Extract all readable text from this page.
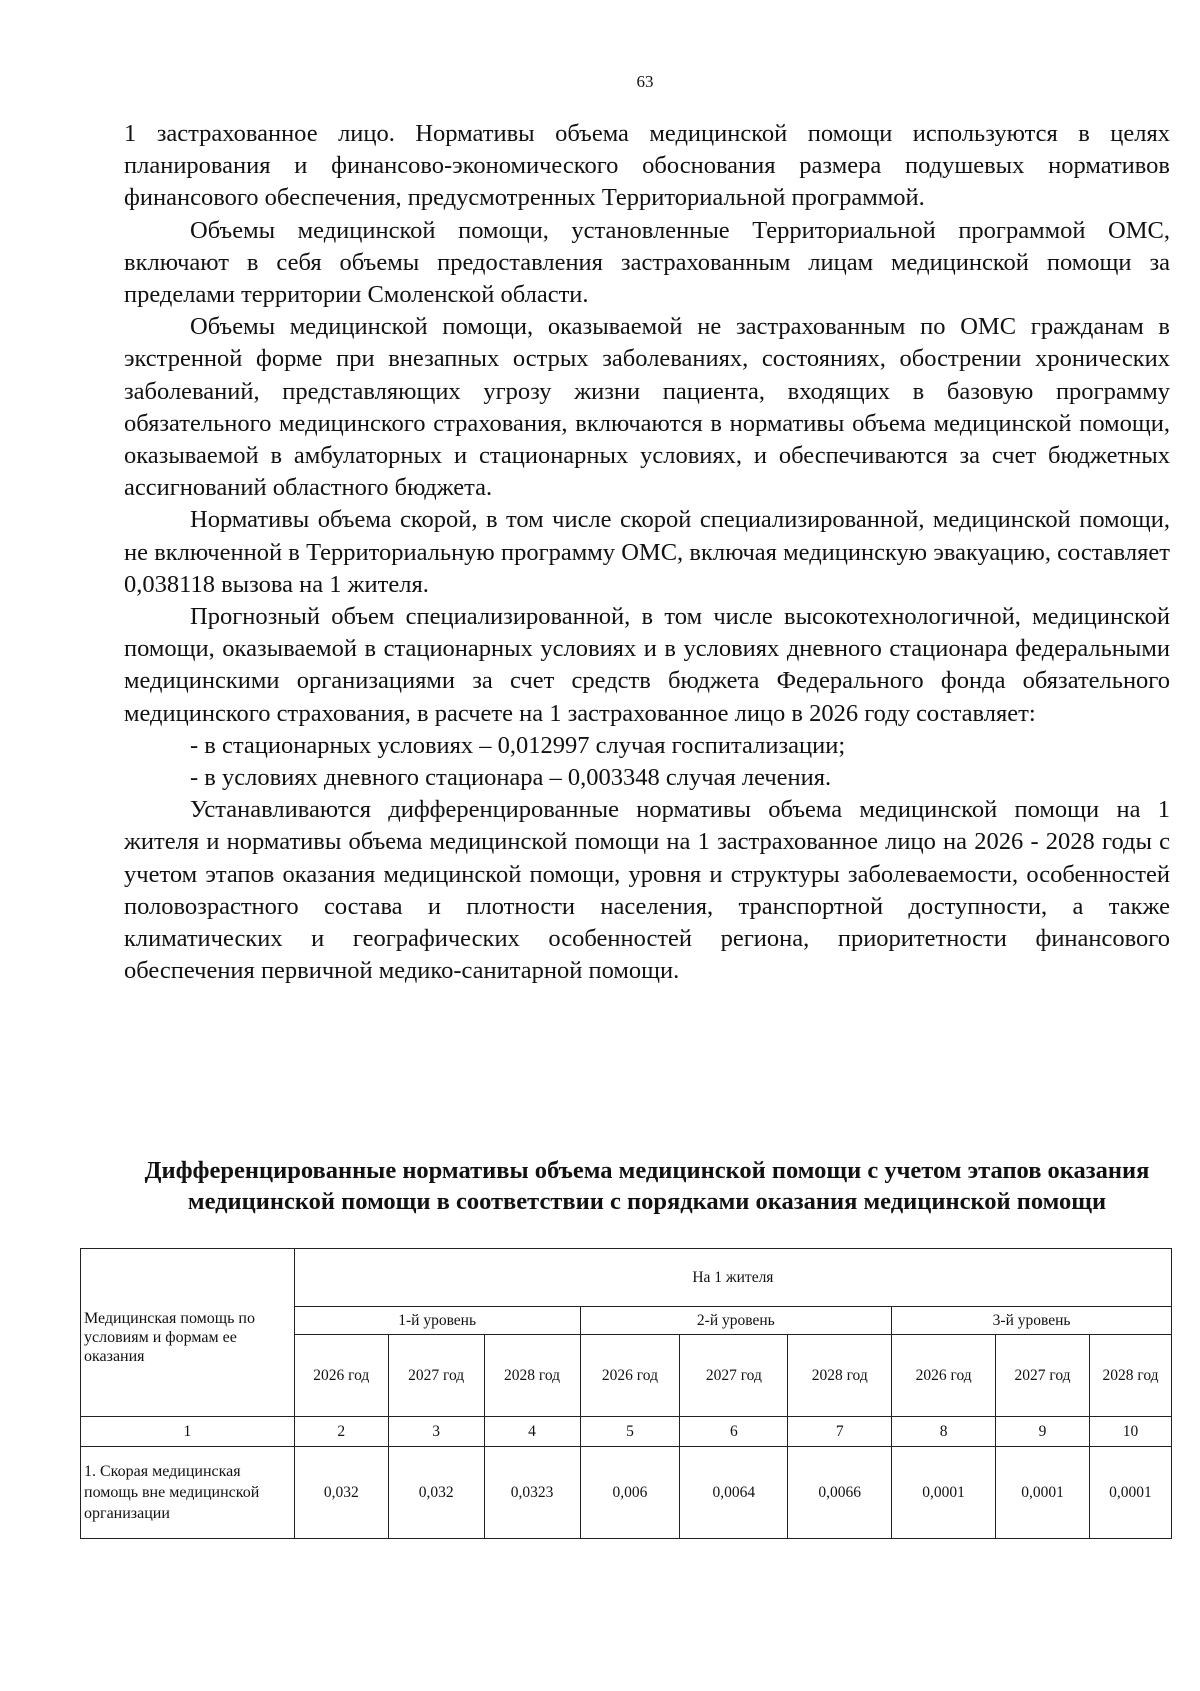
63

1 застрахованное лицо. Нормативы объема медицинской помощи используются в целях планирования и финансово-экономического обоснования размера подушевых нормативов финансового обеспечения, предусмотренных Территориальной программой.

Объемы медицинской помощи, установленные Территориальной программой ОМС, включают в себя объемы предоставления застрахованным лицам медицинской помощи за пределами территории Смоленской области.

Объемы медицинской помощи, оказываемой не застрахованным по ОМС гражданам в экстренной форме при внезапных острых заболеваниях, состояниях, обострении хронических заболеваний, представляющих угрозу жизни пациента, входящих в базовую программу обязательного медицинского страхования, включаются в нормативы объема медицинской помощи, оказываемой в амбулаторных и стационарных условиях, и обеспечиваются за счет бюджетных ассигнований областного бюджета.

Нормативы объема скорой, в том числе скорой специализированной, медицинской помощи, не включенной в Территориальную программу ОМС, включая медицинскую эвакуацию, составляет 0,038118 вызова на 1 жителя.

Прогнозный объем специализированной, в том числе высокотехнологичной, медицинской помощи, оказываемой в стационарных условиях и в условиях дневного стационара федеральными медицинскими организациями за счет средств бюджета Федерального фонда обязательного медицинского страхования, в расчете на 1 застрахованное лицо в 2026 году составляет:

- в стационарных условиях – 0,012997 случая госпитализации;

- в условиях дневного стационара – 0,003348 случая лечения.

Устанавливаются дифференцированные нормативы объема медицинской помощи на 1 жителя и нормативы объема медицинской помощи на 1 застрахованное лицо на 2026 - 2028 годы с учетом этапов оказания медицинской помощи, уровня и структуры заболеваемости, особенностей половозрастного состава и плотности населения, транспортной доступности, а также климатических и географических особенностей региона, приоритетности финансового обеспечения первичной медико-санитарной помощи.

Дифференцированные нормативы объема медицинской помощи с учетом этапов оказания медицинской помощи в соответствии с порядками оказания медицинской помощи
Медицинская помощь по условиям и формам ее оказания	На 1 жителя								
	1-й уровень			2-й уровень			3-й уровень		
	2026 год	2027 год	2028 год	2026 год	2027 год	2028 год	2026 год	2027 год	2028 год
1	2	3	4	5	6	7	8	9	10
1. Скорая медицинская помощь вне медицинской организации	0,032	0,032	0,0323	0,006	0,0064	0,0066	0,0001	0,0001	0,0001
